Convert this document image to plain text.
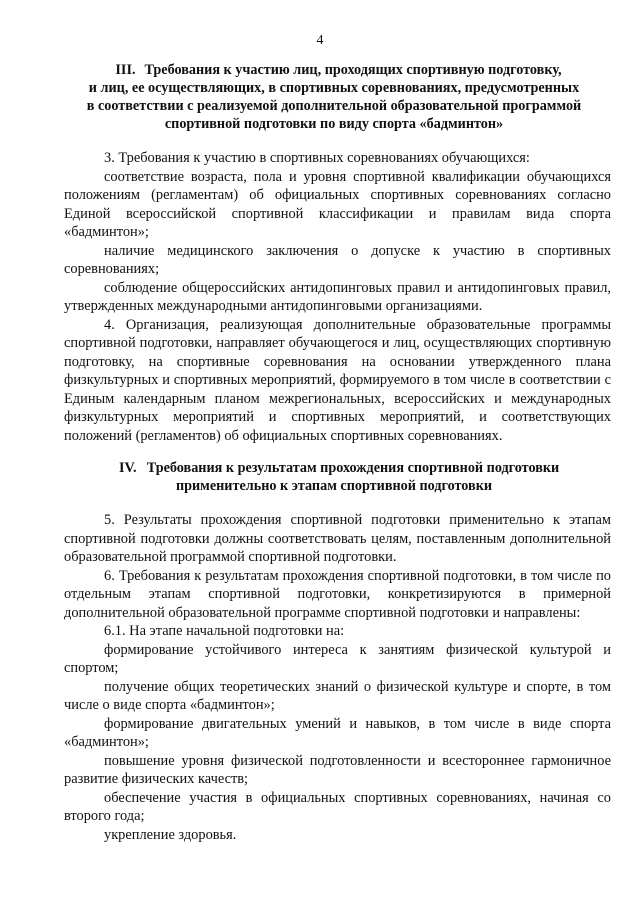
4
III. Требования к участию лиц, проходящих спортивную подготовку,
и лиц, ее осуществляющих, в спортивных соревнованиях, предусмотренных
в соответствии с реализуемой дополнительной образовательной программой
спортивной подготовки по виду спорта «бадминтон»

3. Требования к участию в спортивных соревнованиях обучающихся:

соответствие возраста, пола и уровня спортивной квалификации обучающихся положениям (регламентам) об официальных спортивных соревнованиях согласно Единой всероссийской спортивной классификации и правилам вида спорта «бадминтон»;

наличие медицинского заключения о допуске к участию в спортивных соревнованиях;

соблюдение общероссийских антидопинговых правил и антидопинговых правил, утвержденных международными антидопинговыми организациями.

4. Организация, реализующая дополнительные образовательные программы спортивной подготовки, направляет обучающегося и лиц, осуществляющих спортивную подготовку, на спортивные соревнования на основании утвержденного плана физкультурных и спортивных мероприятий, формируемого в том числе в соответствии с Единым календарным планом межрегиональных, всероссийских и международных физкультурных мероприятий и спортивных мероприятий, и соответствующих положений (регламентов) об официальных спортивных соревнованиях.

IV. Требования к результатам прохождения спортивной подготовки
применительно к этапам спортивной подготовки

5. Результаты прохождения спортивной подготовки применительно к этапам спортивной подготовки должны соответствовать целям, поставленным дополнительной образовательной программой спортивной подготовки.

6. Требования к результатам прохождения спортивной подготовки, в том числе по отдельным этапам спортивной подготовки, конкретизируются в примерной дополнительной образовательной программе спортивной подготовки и направлены:

6.1. На этапе начальной подготовки на:

формирование устойчивого интереса к занятиям физической культурой и спортом;

получение общих теоретических знаний о физической культуре и спорте, в том числе о виде спорта «бадминтон»;

формирование двигательных умений и навыков, в том числе в виде спорта «бадминтон»;

повышение уровня физической подготовленности и всестороннее гармоничное развитие физических качеств;

обеспечение участия в официальных спортивных соревнованиях, начиная со второго года;

укрепление здоровья.
